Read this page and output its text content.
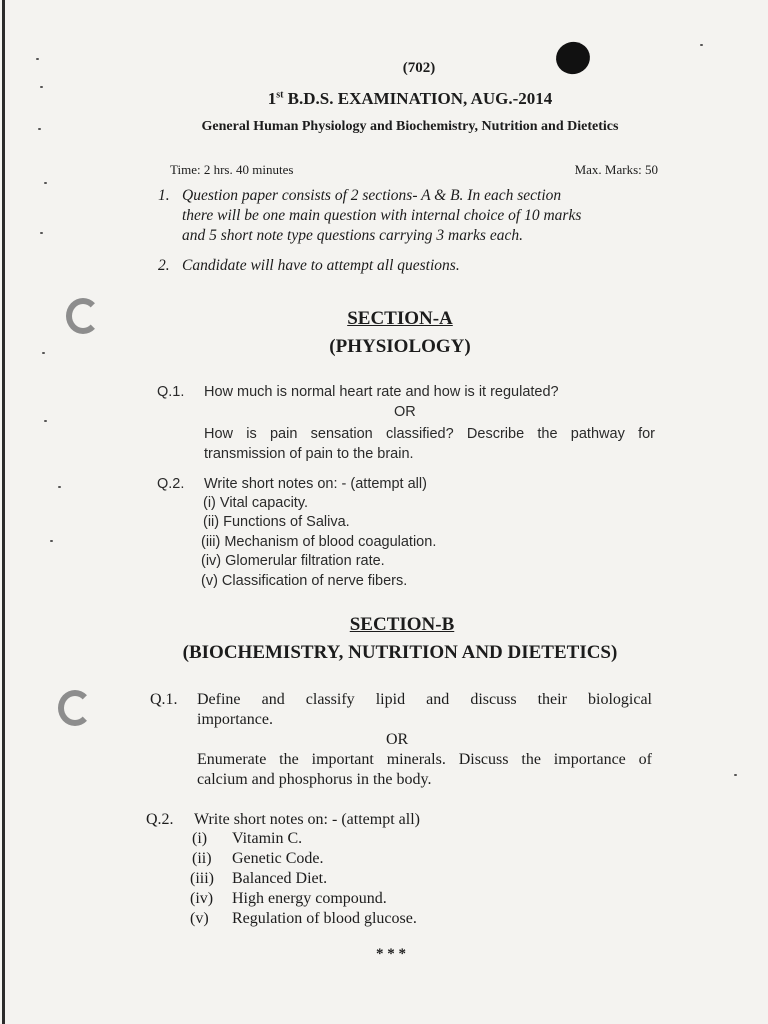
(702)
1st B.D.S. EXAMINATION, AUG.-2014
General Human Physiology and Biochemistry, Nutrition and Dietetics
Time: 2 hrs. 40 minutes	Max. Marks: 50
1. Question paper consists of 2 sections- A & B. In each section
there will be one main question with internal choice of 10 marks
and 5 short note type questions carrying 3 marks each.
2. Candidate will have to attempt all questions.
SECTION-A
(PHYSIOLOGY)
Q.1. How much is normal heart rate and how is it regulated?
OR
How is pain sensation classified? Describe the pathway for
transmission of pain to the brain.
Q.2. Write short notes on: - (attempt all)
(i) Vital capacity.
(ii) Functions of Saliva.
(iii) Mechanism of blood coagulation.
(iv) Glomerular filtration rate.
(v) Classification of nerve fibers.
SECTION-B
(BIOCHEMISTRY, NUTRITION AND DIETETICS)
Q.1. Define and classify lipid and discuss their biological
importance.
OR
Enumerate the important minerals. Discuss the importance of
calcium and phosphorus in the body.
Q.2. Write short notes on: - (attempt all)
(i) Vitamin C.
(ii) Genetic Code.
(iii) Balanced Diet.
(iv) High energy compound.
(v) Regulation of blood glucose.
* * *
